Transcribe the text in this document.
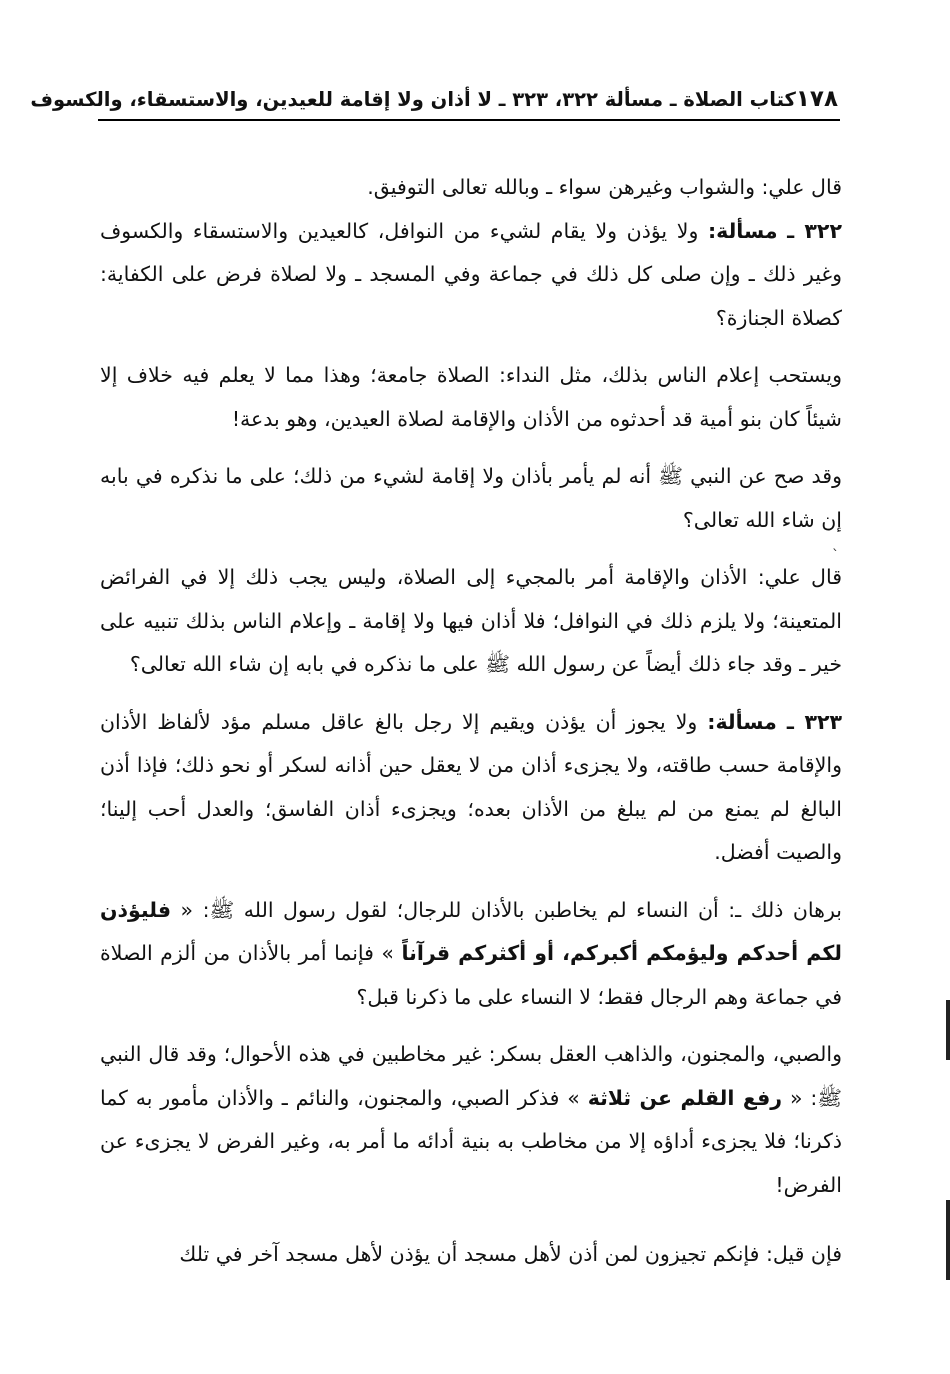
١٧٨
كتاب الصلاة ـ مسألة ٣٢٢، ٣٢٣ ـ لا أذان ولا إقامة للعيدين، والاستسقاء، والكسوف
ˋ

قال علي: والشواب وغيرهن سواء ـ وبالله تعالى التوفيق.

٣٢٢ ـ مسألة: ولا يؤذن ولا يقام لشيء من النوافل، كالعيدين والاستسقاء والكسوف وغير ذلك ـ وإن صلى كل ذلك في جماعة وفي المسجد ـ ولا لصلاة فرض على الكفاية: كصلاة الجنازة؟

ويستحب إعلام الناس بذلك، مثل النداء: الصلاة جامعة؛ وهذا مما لا يعلم فيه خلاف إلا شيئاً كان بنو أمية قد أحدثوه من الأذان والإقامة لصلاة العيدين، وهو بدعة!

وقد صح عن النبي ﷺ أنه لم يأمر بأذان ولا إقامة لشيء من ذلك؛ على ما نذكره في بابه إن شاء الله تعالى؟

قال علي: الأذان والإقامة أمر بالمجيء إلى الصلاة، وليس يجب ذلك إلا في الفرائض المتعينة؛ ولا يلزم ذلك في النوافل؛ فلا أذان فيها ولا إقامة ـ وإعلام الناس بذلك تنبيه على خير ـ وقد جاء ذلك أيضاً عن رسول الله ﷺ على ما نذكره في بابه إن شاء الله تعالى؟

٣٢٣ ـ مسألة: ولا يجوز أن يؤذن ويقيم إلا رجل بالغ عاقل مسلم مؤد لألفاظ الأذان والإقامة حسب طاقته، ولا يجزىء أذان من لا يعقل حين أذانه لسكر أو نحو ذلك؛ فإذا أذن البالغ لم يمنع من لم يبلغ من الأذان بعده؛ ويجزىء أذان الفاسق؛ والعدل أحب إلينا؛ والصيت أفضل.

برهان ذلك ـ: أن النساء لم يخاطبن بالأذان للرجال؛ لقول رسول الله ﷺ: « فليؤذن لكم أحدكم وليؤمكم أكبركم، أو أكثركم قرآناً » فإنما أمر بالأذان من ألزم الصلاة في جماعة وهم الرجال فقط؛ لا النساء على ما ذكرنا قبل؟

والصبي، والمجنون، والذاهب العقل بسكر: غير مخاطبين في هذه الأحوال؛ وقد قال النبي ﷺ: « رفع القلم عن ثلاثة » فذكر الصبي، والمجنون، والنائم ـ والأذان مأمور به كما ذكرنا؛ فلا يجزىء أداؤه إلا من مخاطب به بنية أدائه ما أمر به، وغير الفرض لا يجزىء عن الفرض!

فإن قيل: فإنكم تجيزون لمن أذن لأهل مسجد أن يؤذن لأهل مسجد آخر في تلك
